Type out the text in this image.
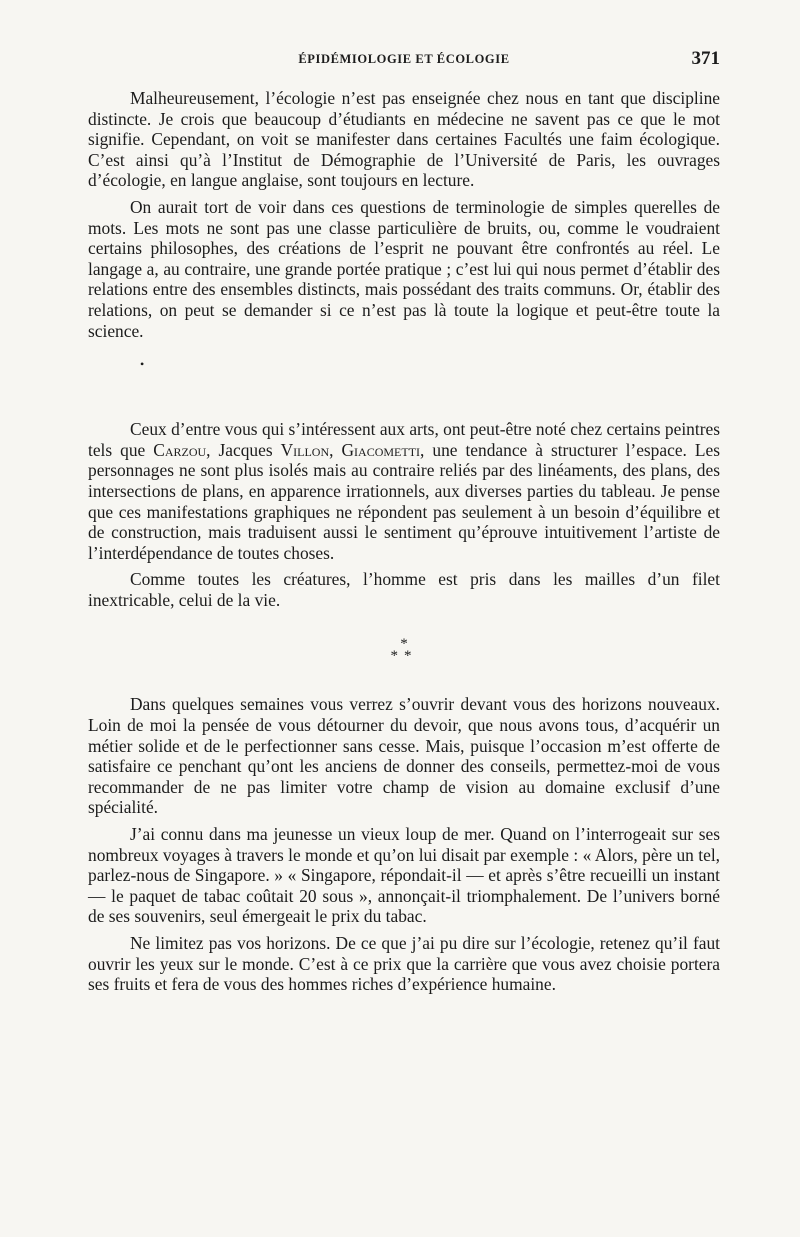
ÉPIDÉMIOLOGIE ET ÉCOLOGIE	371

Malheureusement, l’écologie n’est pas enseignée chez nous en tant que discipline distincte. Je crois que beaucoup d’étudiants en médecine ne savent pas ce que le mot signifie. Cependant, on voit se manifester dans certaines Facultés une faim écologique. C’est ainsi qu’à l’Institut de Démographie de l’Université de Paris, les ouvrages d’écologie, en langue anglaise, sont toujours en lecture.

On aurait tort de voir dans ces questions de terminologie de simples querelles de mots. Les mots ne sont pas une classe particulière de bruits, ou, comme le voudraient certains philosophes, des créations de l’esprit ne pouvant être confrontés au réel. Le langage a, au contraire, une grande portée pratique ; c’est lui qui nous permet d’établir des relations entre des ensembles distincts, mais possédant des traits communs. Or, établir des relations, on peut se demander si ce n’est pas là toute la logique et peut-être toute la science.

•

Ceux d’entre vous qui s’intéressent aux arts, ont peut-être noté chez certains peintres tels que Carzou, Jacques Villon, Giacometti, une tendance à structurer l’espace. Les personnages ne sont plus isolés mais au contraire reliés par des linéaments, des plans, des intersections de plans, en apparence irrationnels, aux diverses parties du tableau. Je pense que ces manifestations graphiques ne répondent pas seulement à un besoin d’équilibre et de construction, mais traduisent aussi le sentiment qu’éprouve intuitivement l’artiste de l’interdépendance de toutes choses.

Comme toutes les créatures, l’homme est pris dans les mailles d’un filet inextricable, celui de la vie.

*
**

Dans quelques semaines vous verrez s’ouvrir devant vous des horizons nouveaux. Loin de moi la pensée de vous détourner du devoir, que nous avons tous, d’acquérir un métier solide et de le perfectionner sans cesse. Mais, puisque l’occasion m’est offerte de satisfaire ce penchant qu’ont les anciens de donner des conseils, permettez-moi de vous recommander de ne pas limiter votre champ de vision au domaine exclusif d’une spécialité.

J’ai connu dans ma jeunesse un vieux loup de mer. Quand on l’interrogeait sur ses nombreux voyages à travers le monde et qu’on lui disait par exemple : « Alors, père un tel, parlez-nous de Singapore. » « Singapore, répondait-il — et après s’être recueilli un instant — le paquet de tabac coûtait 20 sous », annonçait-il triomphalement. De l’univers borné de ses souvenirs, seul émergeait le prix du tabac.

Ne limitez pas vos horizons. De ce que j’ai pu dire sur l’écologie, retenez qu’il faut ouvrir les yeux sur le monde. C’est à ce prix que la carrière que vous avez choisie portera ses fruits et fera de vous des hommes riches d’expérience humaine.
